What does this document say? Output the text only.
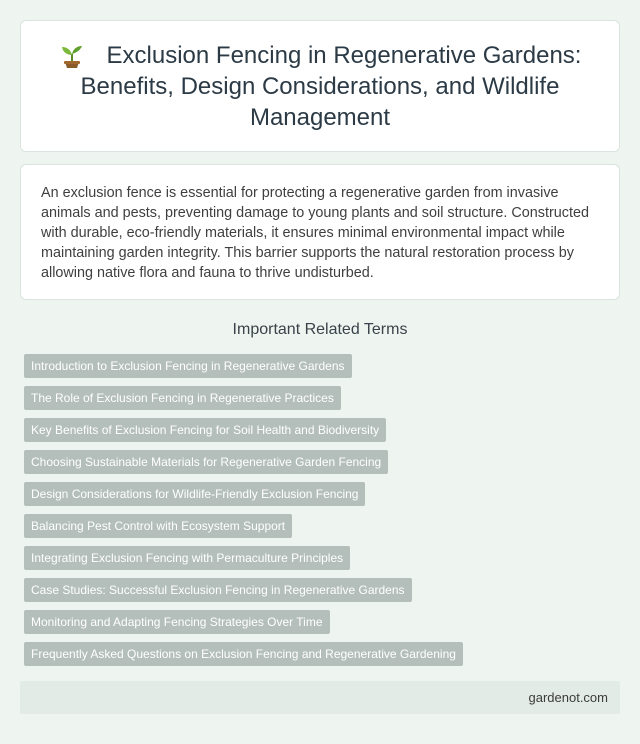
Exclusion Fencing in Regenerative Gardens: Benefits, Design Considerations, and Wildlife Management

An exclusion fence is essential for protecting a regenerative garden from invasive animals and pests, preventing damage to young plants and soil structure. Constructed with durable, eco-friendly materials, it ensures minimal environmental impact while maintaining garden integrity. This barrier supports the natural restoration process by allowing native flora and fauna to thrive undisturbed.

Important Related Terms
Introduction to Exclusion Fencing in Regenerative Gardens
The Role of Exclusion Fencing in Regenerative Practices
Key Benefits of Exclusion Fencing for Soil Health and Biodiversity
Choosing Sustainable Materials for Regenerative Garden Fencing
Design Considerations for Wildlife-Friendly Exclusion Fencing
Balancing Pest Control with Ecosystem Support
Integrating Exclusion Fencing with Permaculture Principles
Case Studies: Successful Exclusion Fencing in Regenerative Gardens
Monitoring and Adapting Fencing Strategies Over Time
Frequently Asked Questions on Exclusion Fencing and Regenerative Gardening
gardenot.com
